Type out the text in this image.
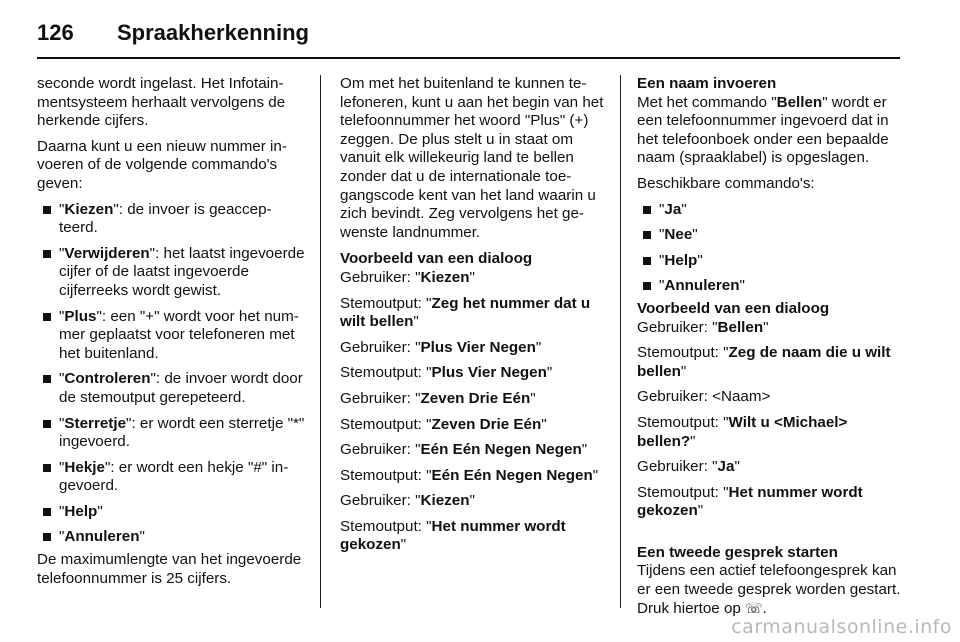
126 Spraakherkenning

seconde wordt ingelast. Het Infotainmentsysteem herhaalt vervolgens de herkende cijfers.

Daarna kunt u een nieuw nummer invoeren of de volgende commando's geven:

"Kiezen": de invoer is geaccepteerd.
"Verwijderen": het laatst ingevoerde cijfer of de laatst ingevoerde cijferreeks wordt gewist.
"Plus": een "+" wordt voor het nummer geplaatst voor telefoneren met het buitenland.
"Controleren": de invoer wordt door de stemoutput gerepeteerd.
"Sterretje": er wordt een sterretje "*" ingevoerd.
"Hekje": er wordt een hekje "#" ingevoerd.
"Help"
"Annuleren"

De maximumlengte van het ingevoerde telefoonnummer is 25 cijfers.

Om met het buitenland te kunnen telefoneren, kunt u aan het begin van het telefoonnummer het woord "Plus" (+) zeggen. De plus stelt u in staat om vanuit elk willekeurig land te bellen zonder dat u de internationale toegangscode kent van het land waarin u zich bevindt. Zeg vervolgens het gewenste landnummer.

Voorbeeld van een dialoog

Gebruiker: "Kiezen"

Stemoutput: "Zeg het nummer dat u wilt bellen"

Gebruiker: "Plus Vier Negen"

Stemoutput: "Plus Vier Negen"

Gebruiker: "Zeven Drie Eén"

Stemoutput: "Zeven Drie Eén"

Gebruiker: "Eén Eén Negen Negen"

Stemoutput: "Eén Eén Negen Negen"

Gebruiker: "Kiezen"

Stemoutput: "Het nummer wordt gekozen"

Een naam invoeren

Met het commando "Bellen" wordt er een telefoonnummer ingevoerd dat in het telefoonboek onder een bepaalde naam (spraaklabel) is opgeslagen.

Beschikbare commando's:

"Ja"
"Nee"
"Help"
"Annuleren"

Voorbeeld van een dialoog

Gebruiker: "Bellen"

Stemoutput: "Zeg de naam die u wilt bellen"

Gebruiker: <Naam>

Stemoutput: "Wilt u <Michael> bellen?"

Gebruiker: "Ja"

Stemoutput: "Het nummer wordt gekozen"

Een tweede gesprek starten

Tijdens een actief telefoongesprek kan er een tweede gesprek worden gestart. Druk hiertoe op ☏.

carmanualsonline.info
